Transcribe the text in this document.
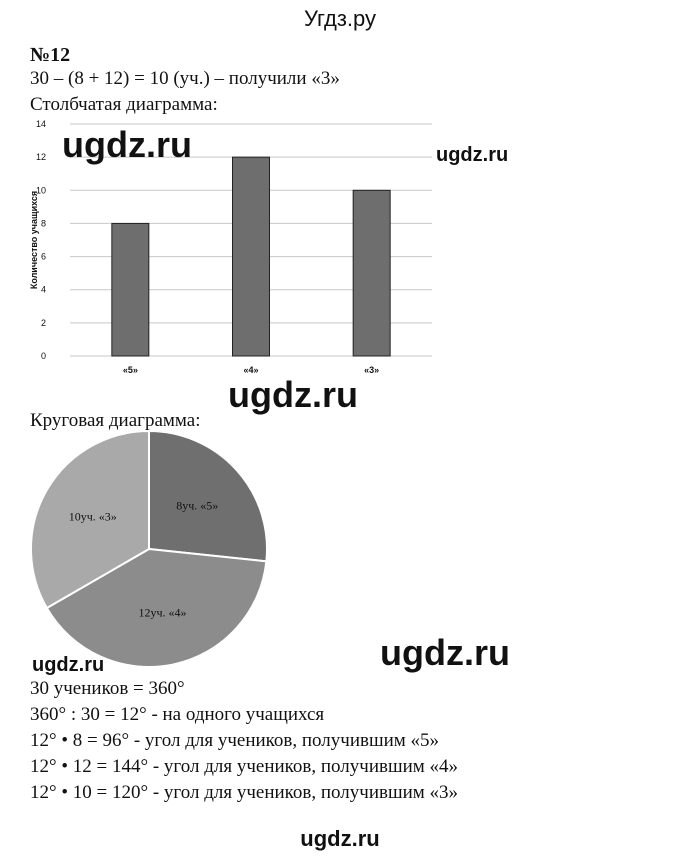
Угдз.ру
№12
30 – (8 + 12) = 10 (уч.) – получили «3»
Столбчатая диаграмма:
0
2
4
6
8
10
12
14
«5»	«4»	«3»
Количество учащихся
Круговая диаграмма:
8уч. «5»
12уч. «4»
10уч. «3»
ugdz.ru	ugdz.ru
ugdz.ru
ugdz.ru
ugdz.ru
30 учеников = 360°
360° : 30 = 12° - на одного учащихся
12° • 8 = 96° - угол для учеников, получившим «5»
12° • 12 = 144° - угол для учеников, получившим «4»
12° • 10 = 120° - угол для учеников, получившим «3»
ugdz.ru
